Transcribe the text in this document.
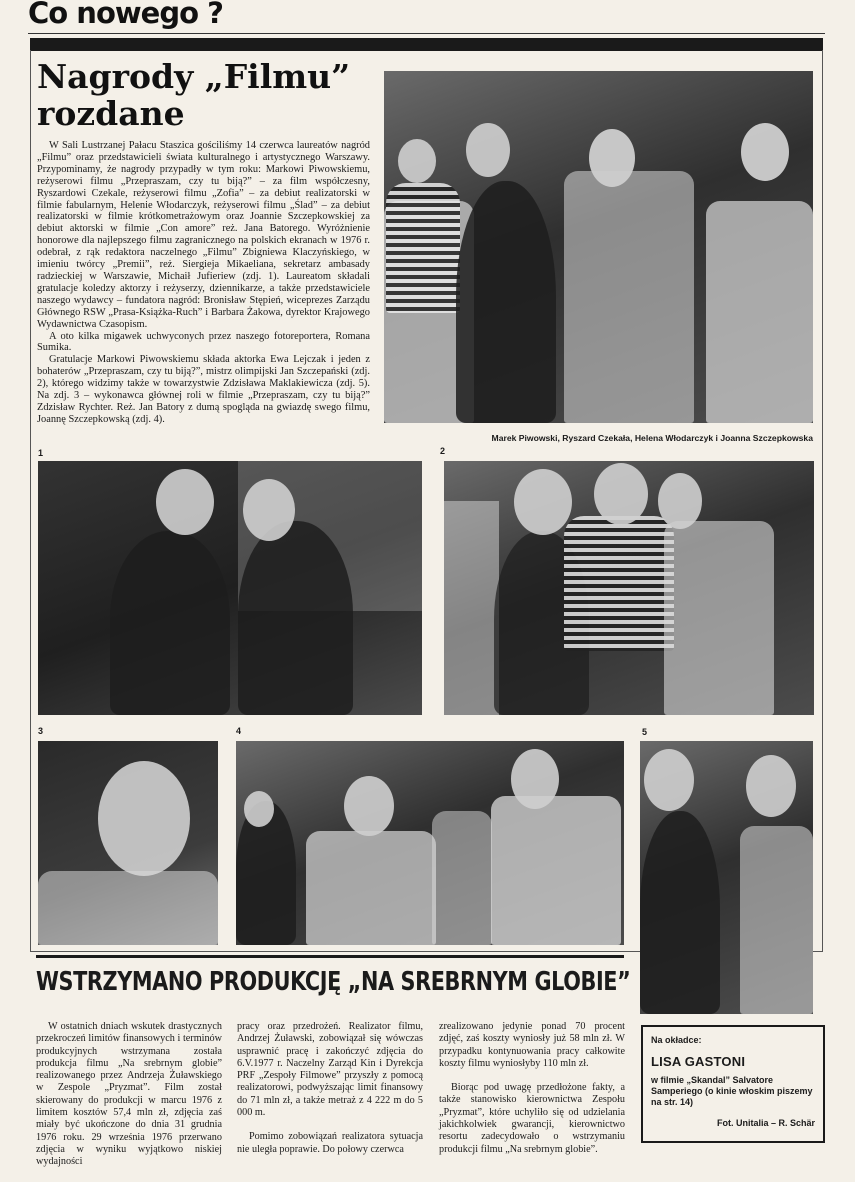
Co nowego ?
Nagrody „Filmu”
rozdane

W Sali Lustrzanej Pałacu Staszica gościliśmy 14 czerwca laureatów nagród „Filmu” oraz przedstawicieli świata kulturalnego i artystycznego Warszawy. Przypominamy, że nagrody przypadły w tym roku: Markowi Piwowskiemu, reżyserowi filmu „Przepraszam, czy tu biją?” – za film współczesny, Ryszardowi Czekale, reżyserowi filmu „Zofia” – za debiut realizatorski w filmie fabularnym, Helenie Włodarczyk, reżyserowi filmu „Ślad” – za debiut realizatorski w filmie krótkometrażowym oraz Joannie Szczepkowskiej za debiut aktorski w filmie „Con amore” reż. Jana Batorego. Wyróżnienie honorowe dla najlepszego filmu zagranicznego na polskich ekranach w 1976 r. odebrał, z rąk redaktora naczelnego „Filmu” Zbigniewa Klaczyńskiego, w imieniu twórcy „Premii”, reż. Siergieja Mikaeliana, sekretarz ambasady radzieckiej w Warszawie, Michaił Jufieriew (zdj. 1). Laureatom składali gratulacje koledzy aktorzy i reżyserzy, dziennikarze, a także przedstawiciele naszego wydawcy – fundatora nagród: Bronisław Stępień, wiceprezes Zarządu Głównego RSW „Prasa-Książka-Ruch” i Barbara Żakowa, dyrektor Krajowego Wydawnictwa Czasopism.

A oto kilka migawek uchwyconych przez naszego fotoreportera, Romana Sumika.

Gratulacje Markowi Piwowskiemu składa aktorka Ewa Lejczak i jeden z bohaterów „Przepraszam, czy tu biją?”, mistrz olimpijski Jan Szczepański (zdj. 2), którego widzimy także w towarzystwie Zdzisława Maklakiewicza (zdj. 5). Na zdj. 3 – wykonawca głównej roli w filmie „Przepraszam, czy tu biją?” Zdzisław Rychter. Reż. Jan Batory z dumą spogląda na gwiazdę swego filmu, Joannę Szczepkowską (zdj. 4).

Marek Piwowski, Ryszard Czekała, Helena Włodarczyk i Joanna Szczepkowska
1	2
3	4	5
WSTRZYMANO PRODUKCJĘ „NA SREBRNYM GLOBIE”

W ostatnich dniach wskutek drastycznych przekroczeń limitów finansowych i terminów produkcyjnych wstrzymana została produkcja filmu „Na srebrnym globie” realizowanego przez Andrzeja Żuławskiego w Zespole „Pryzmat”. Film został skierowany do produkcji w marcu 1976 z limitem kosztów 57,4 mln zł, zdjęcia zaś miały być ukończone do dnia 31 grudnia 1976 roku. 29 września 1976 przerwano zdjęcia w wyniku wyjątkowo niskiej wydajności

pracy oraz przedrożeń. Realizator filmu, Andrzej Żuławski, zobowiązał się wówczas usprawnić pracę i zakończyć zdjęcia do 6.V.1977 r. Naczelny Zarząd Kin i Dyrekcja PRF „Zespoły Filmowe” przyszły z pomocą realizatorowi, podwyższając limit finansowy do 71 mln zł, a także metraż z 4 222 m do 5 000 m.

Pomimo zobowiązań realizatora sytuacja nie uległa poprawie. Do połowy czerwca

zrealizowano jedynie ponad 70 procent zdjęć, zaś koszty wyniosły już 58 mln zł. W przypadku kontynuowania pracy całkowite koszty filmu wyniosłyby 110 mln zł.

Biorąc pod uwagę przedłożone fakty, a także stanowisko kierownictwa Zespołu „Pryzmat”, które uchyliło się od udzielania jakichkolwiek gwarancji, kierownictwo resortu zadecydowało o wstrzymaniu produkcji filmu „Na srebrnym globie”.

Na okładce:
LISA GASTONI
w filmie „Skandal” Salvatore Samperiego (o kinie włoskim piszemy na str. 14)
Fot. Unitalia – R. Schär
